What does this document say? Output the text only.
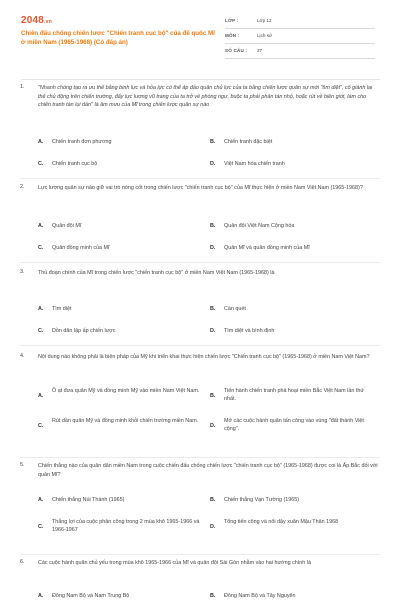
2048.vn
Chiến đấu chống chiến lược "Chiến tranh cục bộ" của đế quốc Mĩ ở miền Nam (1965-1968) (Có đáp án)
LỚP :	Lớp 12
MÔN :	Lịch sử
SỐ CÂU : 37
1.	"Nhanh chóng tạo ra ưu thế bằng binh lực và hỏa lực có thể áp đảo quân chủ lực của ta bằng chiến lược quân sự mới "tìm diệt", cố giành lại thế chủ động trên chiến trường, đẩy lực lượng vũ trang của ta trở về phòng ngự, buộc ta phải phân tán nhỏ, hoặc rút về biên giới, làm cho chiến tranh tàn lụi dần" là âm mưu của Mĩ trong chiến lược quân sự nào
A. Chiến tranh đơn phương	B. Chiến tranh đặc biệt
C. Chiến tranh cục bộ	D. Việt Nam hóa chiến tranh
2.	Lực lượng quân sự nào giữ vai trò nòng cốt trong chiến lược "chiến tranh cục bộ" của Mĩ thực hiện ở miền Nam Việt Nam (1965-1968)?
A. Quân đội Mĩ	B. Quân đội Việt Nam Cộng hòa
C. Quân đồng minh của Mĩ	D. Quân Mĩ và quân đồng minh của Mĩ
3.	Thủ đoạn chính của Mĩ trong chiến lược "chiến tranh cục bộ" ở miền Nam Việt Nam (1965-1968) là
A. Tìm diệt	B. Càn quét
C. Dồn dân lập ấp chiến lược	D. Tìm diệt và bình định
4.	Nội dung nào không phải là biện pháp của Mỹ khi triển khai thực hiện chiến lược "Chiến tranh cục bộ" (1965-1968) ở miền Nam Việt Nam?
A.
Ồ ạt đưa quân Mỹ và đồng minh Mỹ vào miền Nam Việt Nam.
B.
Tiến hành chiến tranh phá hoại miền Bắc Việt Nam lần thứ nhất.
C.
Rút dần quân Mỹ và đồng minh khỏi chiến trường miền Nam.
D.
Mở các cuộc hành quân tấn công vào vùng "đất thánh Việt cộng".
5.	Chiến thắng nào của quân dân miền Nam trong cuộc chiến đấu chống chiến lược "chiến tranh cục bộ" (1965-1968) được coi là Ấp Bắc đối với quân Mĩ?
A. Chiến thắng Núi Thành (1965)	B. Chiến thắng Vạn Tường (1965)
C.
Thắng lợi của cuộc phản công trong 2 mùa khô 1965-1966 và 1966-1967
D.
Tổng tiến công và nổi dậy xuân Mậu Thân 1968
6.	Các cuộc hành quân chủ yếu trong mùa khô 1965-1966 của Mĩ và quân đội Sài Gòn nhằm vào hai hướng chính là
A. Đông Nam Bộ và Nam Trung Bộ	B. Đông Nam Bộ và Tây Nguyên
